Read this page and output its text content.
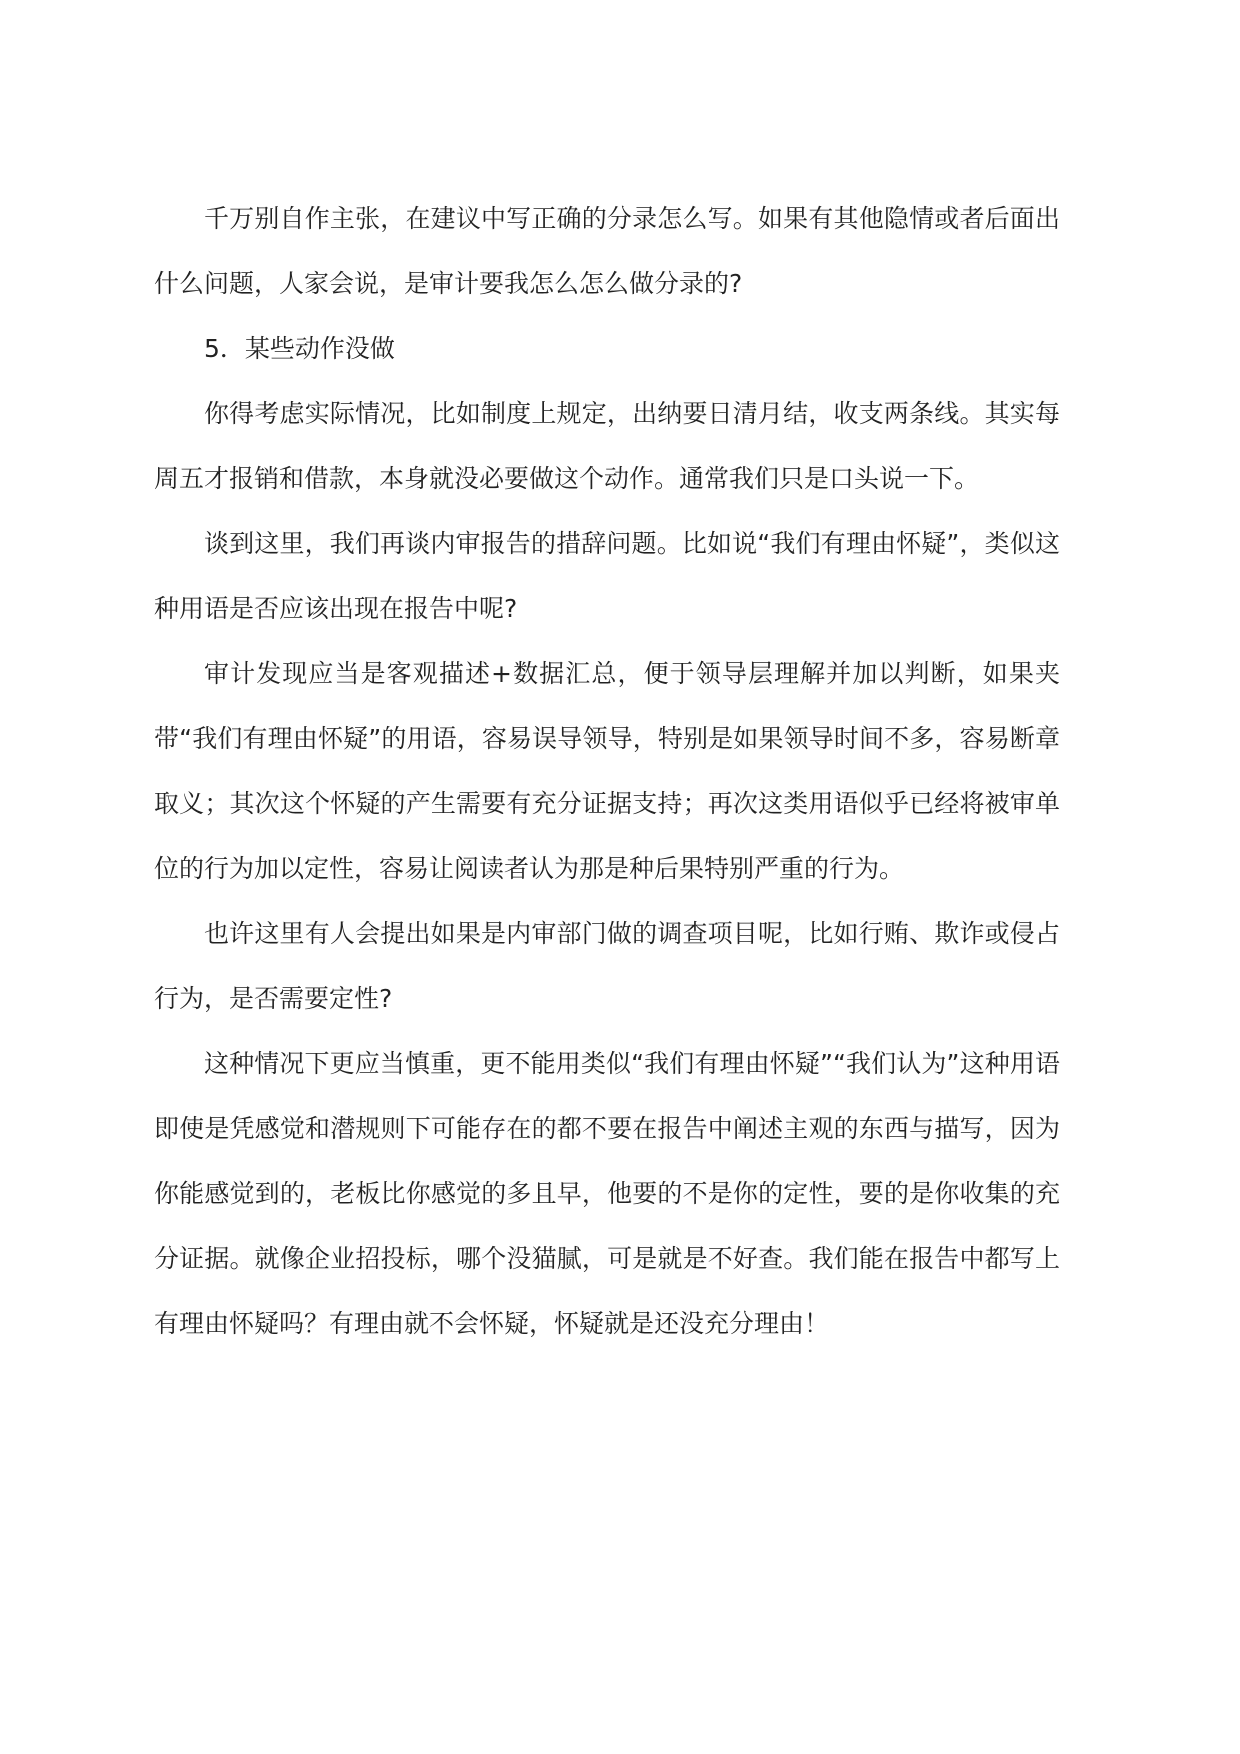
千万别自作主张，在建议中写正确的分录怎么写。如果有其他隐情或者后面出什么问题，人家会说，是审计要我怎么怎么做分录的?

5．某些动作没做

你得考虑实际情况，比如制度上规定，出纳要日清月结，收支两条线。其实每周五才报销和借款，本身就没必要做这个动作。通常我们只是口头说一下。

谈到这里，我们再谈内审报告的措辞问题。比如说“我们有理由怀疑”，类似这种用语是否应该出现在报告中呢?

审计发现应当是客观描述+数据汇总，便于领导层理解并加以判断，如果夹带“我们有理由怀疑”的用语，容易误导领导，特别是如果领导时间不多，容易断章取义；其次这个怀疑的产生需要有充分证据支持；再次这类用语似乎已经将被审单位的行为加以定性，容易让阅读者认为那是种后果特别严重的行为。

也许这里有人会提出如果是内审部门做的调查项目呢，比如行贿、欺诈或侵占行为，是否需要定性?

这种情况下更应当慎重，更不能用类似“我们有理由怀疑”“我们认为”这种用语即使是凭感觉和潜规则下可能存在的都不要在报告中阐述主观的东西与描写，因为你能感觉到的，老板比你感觉的多且早，他要的不是你的定性，要的是你收集的充分证据。就像企业招投标，哪个没猫腻，可是就是不好查。我们能在报告中都写上有理由怀疑吗？有理由就不会怀疑，怀疑就是还没充分理由！
